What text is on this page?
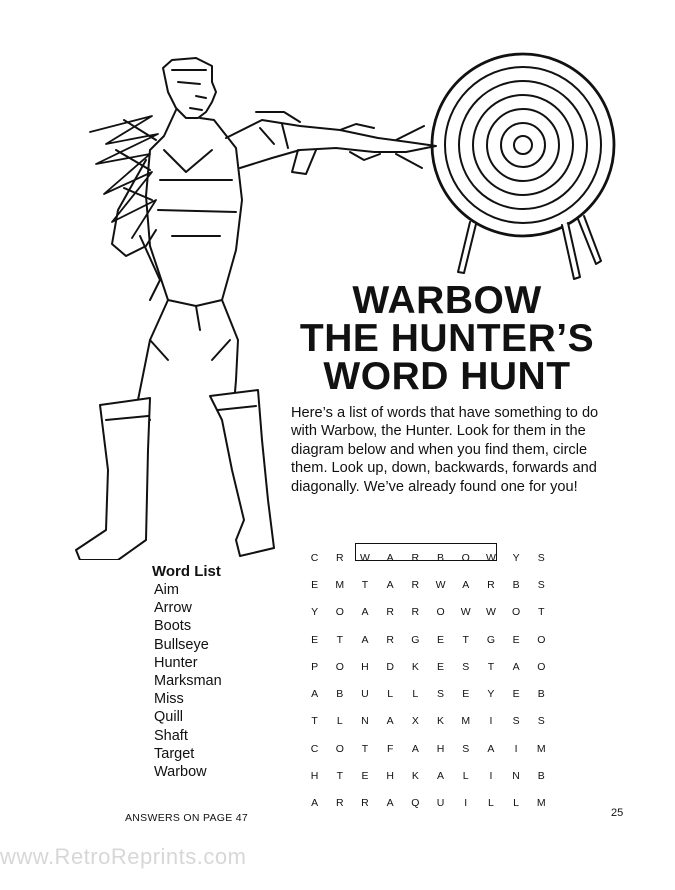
WARBOW
THE HUNTER’S
WORD HUNT
Here’s a list of words that have something to do with Warbow, the Hunter. Look for them in the diagram below and when you find them, circle them. Look up, down, backwards, forwards and diagonally. We’ve already found one for you!
Word List
Aim
Arrow
Boots
Bullseye
Hunter
Marksman
Miss
Quill
Shaft
Target
Warbow
C	R	W	A	R	B	O	W	Y	S
E	M	T	A	R	W	A	R	B	S
Y	O	A	R	R	O	W	W	O	T
E	T	A	R	G	E	T	G	E	O
P	O	H	D	K	E	S	T	A	O
A	B	U	L	L	S	E	Y	E	B
T	L	N	A	X	K	M	I	S	S
C	O	T	F	A	H	S	A	I	M
H	T	E	H	K	A	L	I	N	B
A	R	R	A	Q	U	I	L	L	M
ANSWERS ON PAGE 47	25
www.RetroReprints.com
